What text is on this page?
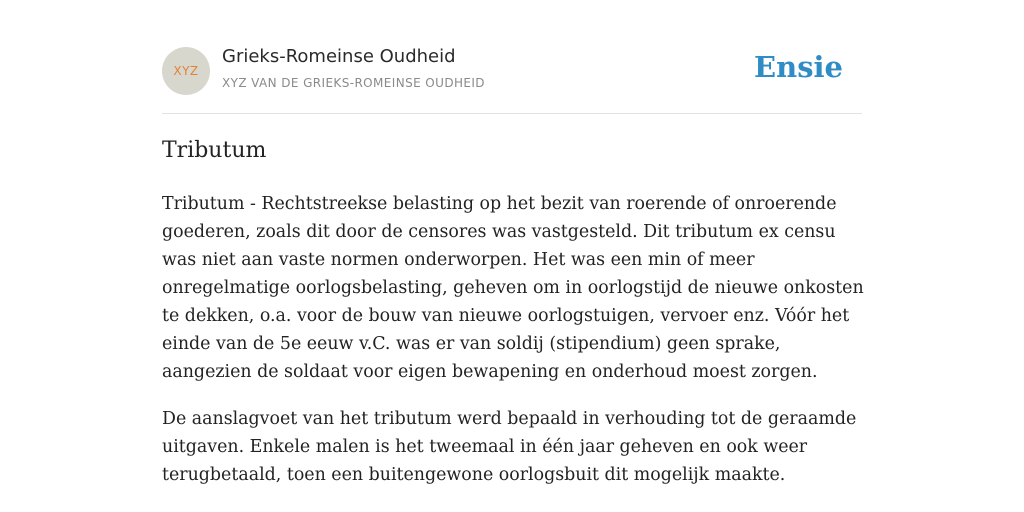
XYZ
Grieks-Romeinse Oudheid
XYZ VAN DE GRIEKS-ROMEINSE OUDHEID	Ensie
Tributum

Tributum - Rechtstreekse belasting op het bezit van roerende of onroerende goederen, zoals dit door de censores was vastgesteld. Dit tributum ex censu was niet aan vaste normen onderworpen. Het was een min of meer onregelmatige oorlogsbelasting, geheven om in oorlogstijd de nieuwe onkosten te dekken, o.a. voor de bouw van nieuwe oorlogstuigen, vervoer enz. Vóór het einde van de 5e eeuw v.C. was er van soldij (stipendium) geen sprake, aangezien de soldaat voor eigen bewapening en onderhoud moest zorgen.

De aanslagvoet van het tributum werd bepaald in verhouding tot de geraamde uitgaven. Enkele malen is het tweemaal in één jaar geheven en ook weer terugbetaald, toen een buitengewone oorlogsbuit dit mogelijk maakte.
